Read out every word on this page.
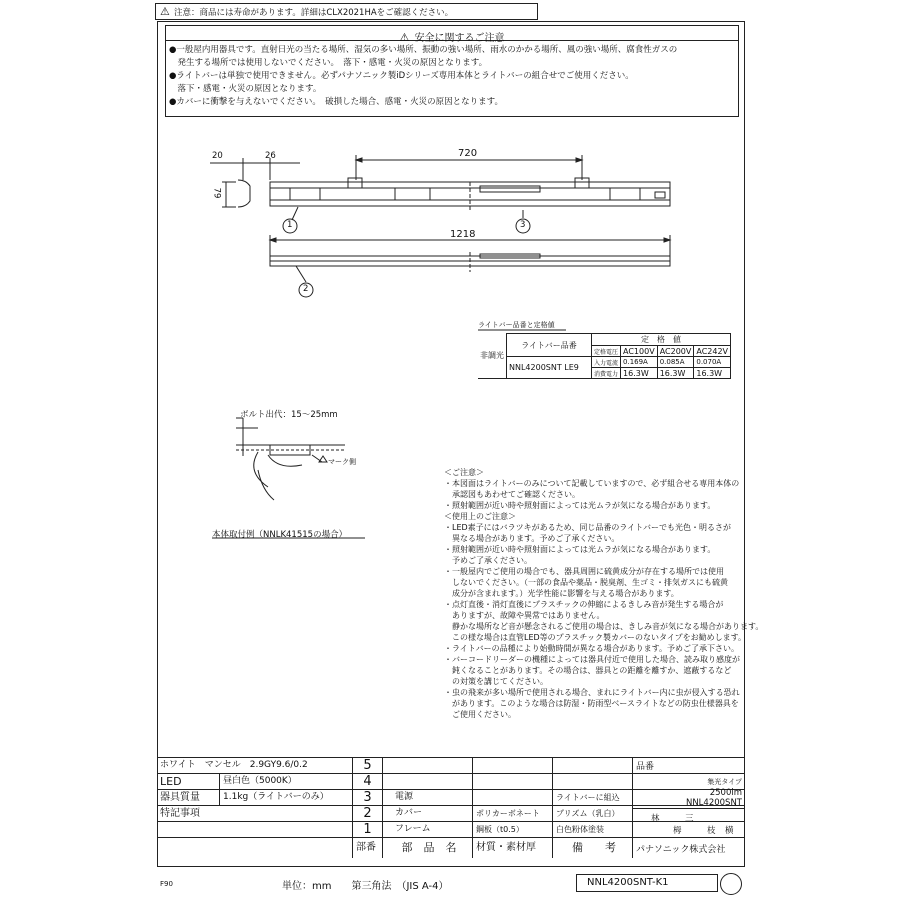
⚠ 注意：商品には寿命があります。詳細はCLX2021HAをご確認ください。
⚠ 安全に関するご注意
●一般屋内用器具です。直射日光の当たる場所、湿気の多い場所、振動の強い場所、雨水のかかる場所、風の強い場所、腐食性ガスの
　発生する場所では使用しないでください。　落下・感電・火災の原因となります。
●ライトバーは単独で使用できません。必ずパナソニック製iDシリーズ専用本体とライトバーの組合せでご使用ください。
　落下・感電・火災の原因となります。
●カバーに衝撃を与えないでください。　破損した場合、感電・火災の原因となります。
20	26	720
79
1218
1	3
2
ライトバー品番と定格値
非調光	ライトバー品番	定　格　値			
		定格電圧	AC100V	AC200V	AC242V
	NNL4200SNT LE9	入力電流	0.169A	0.085A	0.070A
		消費電力	16.3W	16.3W	16.3W
ボルト出代：15～25mm
マーク側
本体取付例（NNLK41515の場合）
＜ご注意＞
・本図面はライトバーのみについて記載していますので、必ず組合せる専用本体の
　承認図もあわせてご確認ください。
・照射範囲が近い時や照射面によっては光ムラが気になる場合があります。
＜使用上のご注意＞
・LED素子にはバラツキがあるため、同じ品番のライトバーでも光色・明るさが
　異なる場合があります。予めご了承ください。
・照射範囲が近い時や照射面によっては光ムラが気になる場合があります。
　予めご了承ください。
・一般屋内でご使用の場合でも、器具周囲に硫黄成分が存在する場所では使用
　しないでください。（一部の食品や薬品・脱臭剤、生ゴミ・排気ガスにも硫黄
　成分が含まれます。）光学性能に影響を与える場合があります。
・点灯直後・消灯直後にプラスチックの伸縮によるきしみ音が発生する場合が
　ありますが、故障や異常ではありません。
　静かな場所など音が懸念されるご使用の場合は、きしみ音が気になる場合があります。
　この様な場合は直管LED等のプラスチック製カバーのないタイプをお勧めします。
・ライトバーの品種により始動時間が異なる場合があります。予めご了承下さい。
・バーコードリーダーの機種によっては器具付近で使用した場合、読み取り感度が
　鈍くなることがあります。その場合は、器具との距離を離すか、遮蔽するなど
　の対策を講じてください。
・虫の飛来が多い場所で使用される場合、まれにライトバー内に虫が侵入する恐れ
　があります。このような場合は防湿・防雨型ベースライトなどの防虫仕様器具を
　ご使用ください。
ホワイト　マンセル　2.9GY9.6/0.2	5
LED	昼白色（5000K）	4
器具質量	1.1kg（ライトバーのみ）	3	電源	ライトバーに組込
特記事項	2	カバー	ポリカーボネート	プリズム（乳白）
1	フレーム	鋼板（t0.5）	白色粉体塗装
部番	部　品　名	材質・素材厚	備　　考
品番
集光タイプ
2500lm
NNL4200SNT
林　　　三
栂　　　枝 横
パナソニック株式会社
F90	単位：mm　　第三角法　（JIS A-4）	NNL4200SNT-K1
